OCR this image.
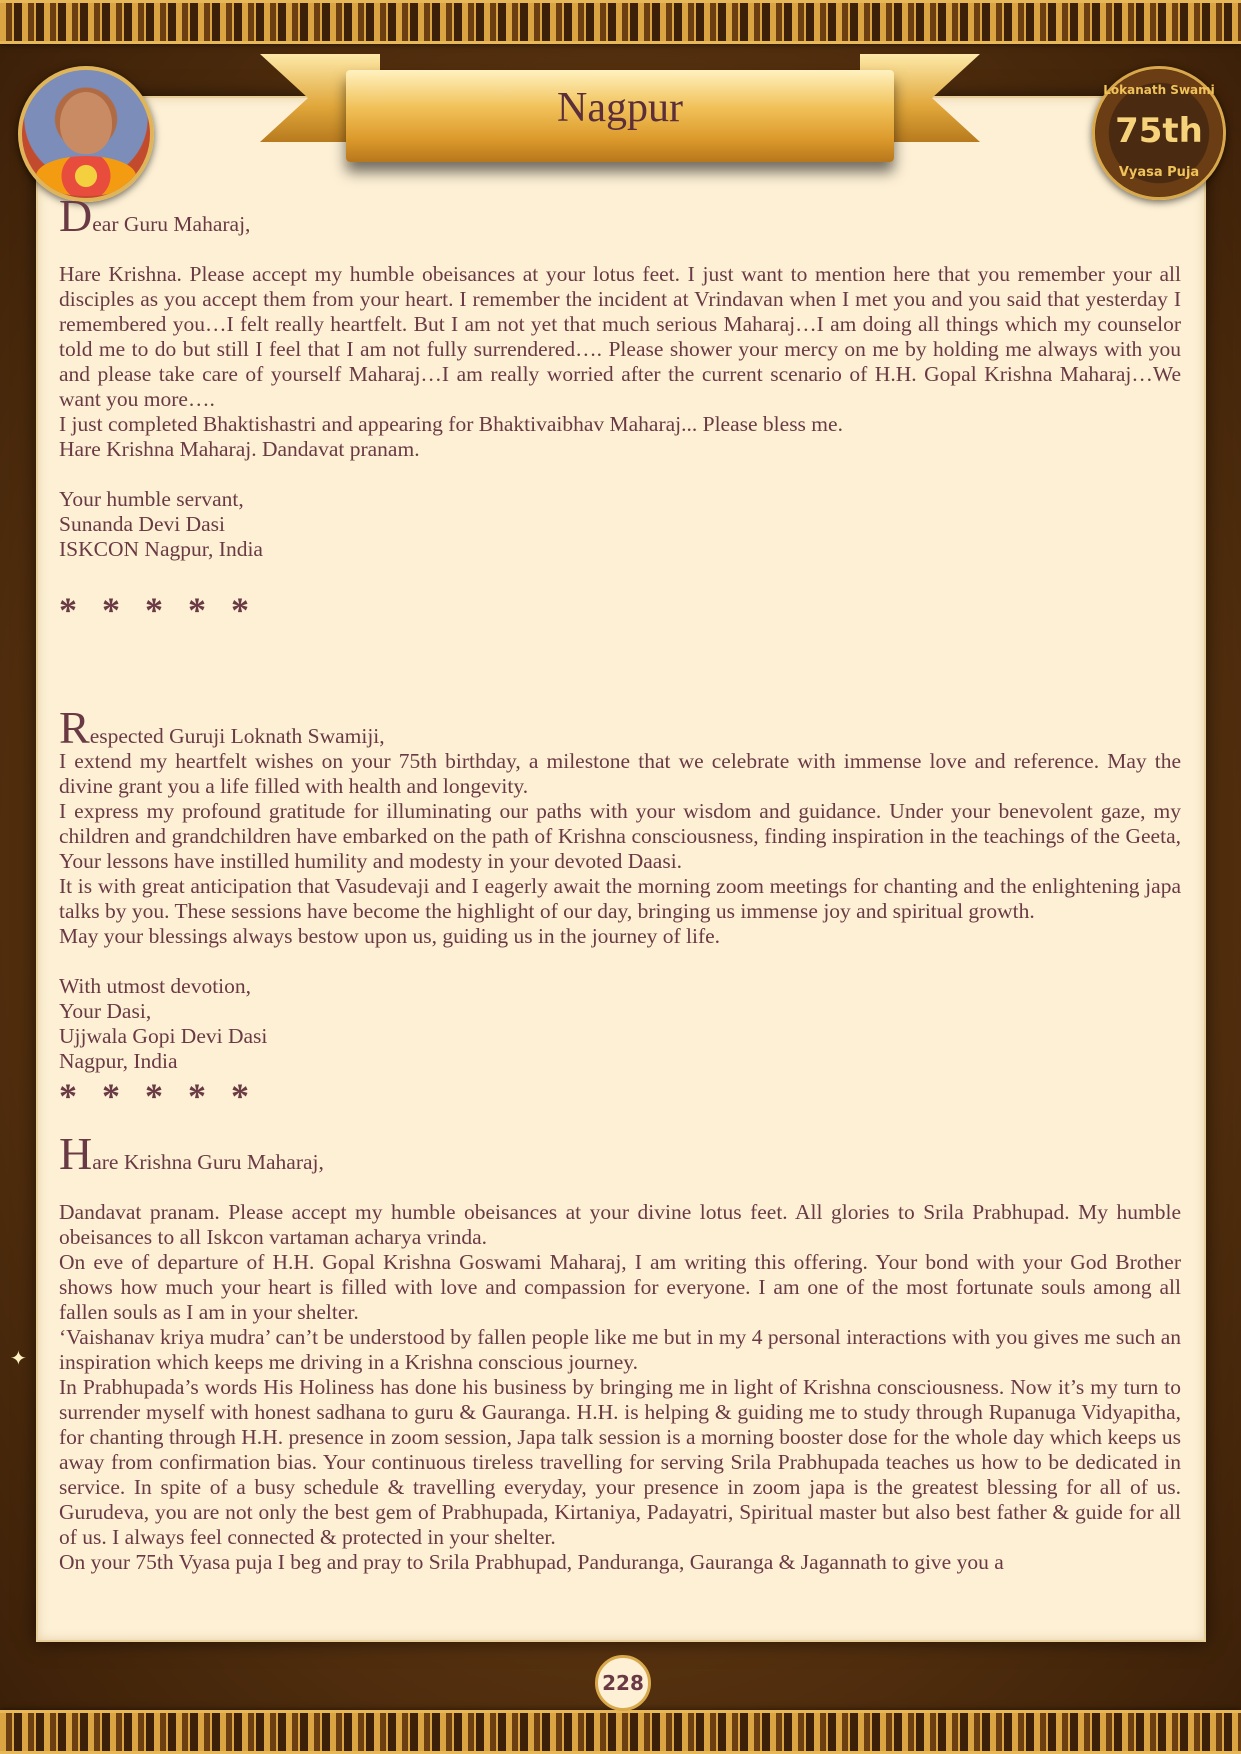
Nagpur	Lokanath Swami
75th
Vyasa Puja

Dear Guru Maharaj,

Hare Krishna. Please accept my humble obeisances at your lotus feet. I just want to mention here that you remember your all disciples as you accept them from your heart. I remember the incident at Vrindavan when I met you and you said that yesterday I remembered you…I felt really heartfelt. But I am not yet that much serious Maharaj…I am doing all things which my counselor told me to do but still I feel that I am not fully surrendered…. Please shower your mercy on me by holding me always with you and please take care of yourself Maharaj…I am really worried after the current scenario of H.H. Gopal Krishna Maharaj…We want you more….

I just completed Bhaktishastri and appearing for Bhaktivaibhav Maharaj... Please bless me.

Hare Krishna Maharaj. Dandavat pranam.

Your humble servant,

Sunanda Devi Dasi

ISKCON Nagpur, India

* * * * *

Respected Guruji Loknath Swamiji,

I extend my heartfelt wishes on your 75th birthday, a milestone that we celebrate with immense love and reference. May the divine grant you a life filled with health and longevity.

I express my profound gratitude for illuminating our paths with your wisdom and guidance. Under your benevolent gaze, my children and grandchildren have embarked on the path of Krishna consciousness, finding inspiration in the teachings of the Geeta, Your lessons have instilled humility and modesty in your devoted Daasi.

It is with great anticipation that Vasudevaji and I eagerly await the morning zoom meetings for chanting and the enlightening japa talks by you. These sessions have become the highlight of our day, bringing us immense joy and spiritual growth.

May your blessings always bestow upon us, guiding us in the journey of life.

With utmost devotion,

Your Dasi,

Ujjwala Gopi Devi Dasi

Nagpur, India

* * * * *

Hare Krishna Guru Maharaj,

Dandavat pranam. Please accept my humble obeisances at your divine lotus feet. All glories to Srila Prabhupad. My humble obeisances to all Iskcon vartaman acharya vrinda.

On eve of departure of H.H. Gopal Krishna Goswami Maharaj, I am writing this offering. Your bond with your God Brother shows how much your heart is filled with love and compassion for everyone. I am one of the most fortunate souls among all fallen souls as I am in your shelter.

‘Vaishanav kriya mudra’ can’t be understood by fallen people like me but in my 4 personal interactions with you gives me such an inspiration which keeps me driving in a Krishna conscious journey.

In Prabhupada’s words His Holiness has done his business by bringing me in light of Krishna consciousness. Now it’s my turn to surrender myself with honest sadhana to guru & Gauranga. H.H. is helping & guiding me to study through Rupanuga Vidyapitha, for chanting through H.H. presence in zoom session, Japa talk session is a morning booster dose for the whole day which keeps us away from confirmation bias. Your continuous tireless travelling for serving Srila Prabhupada teaches us how to be dedicated in service. In spite of a busy schedule & travelling everyday, your presence in zoom japa is the greatest blessing for all of us. Gurudeva, you are not only the best gem of Prabhupada, Kirtaniya, Padayatri, Spiritual master but also best father & guide for all of us. I always feel connected & protected in your shelter.

On your 75th Vyasa puja I beg and pray to Srila Prabhupad, Panduranga, Gauranga & Jagannath to give you a

✦
228
